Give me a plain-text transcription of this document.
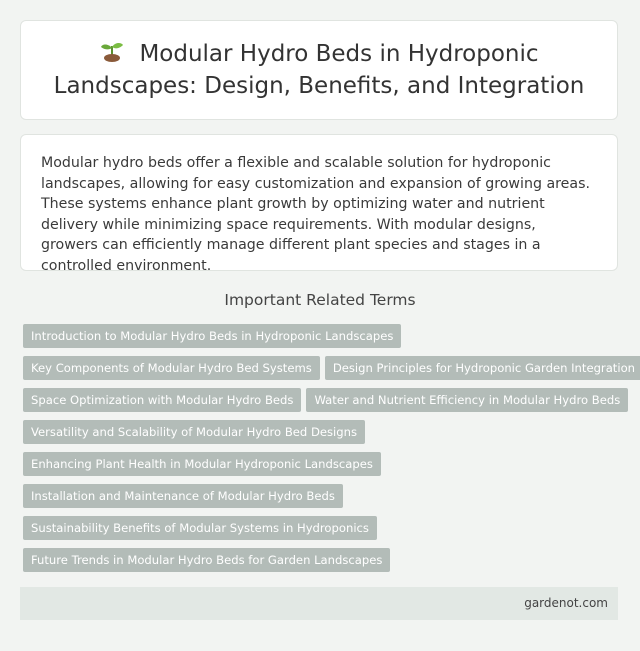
Modular Hydro Beds in Hydroponic Landscapes: Design, Benefits, and Integration

Modular hydro beds offer a flexible and scalable solution for hydroponic landscapes, allowing for easy customization and expansion of growing areas. These systems enhance plant growth by optimizing water and nutrient delivery while minimizing space requirements. With modular designs, growers can efficiently manage different plant species and stages in a controlled environment.

Important Related Terms
Introduction to Modular Hydro Beds in Hydroponic Landscapes
Key Components of Modular Hydro Bed Systems Design Principles for Hydroponic Garden Integration
Space Optimization with Modular Hydro Beds Water and Nutrient Efficiency in Modular Hydro Beds
Versatility and Scalability of Modular Hydro Bed Designs
Enhancing Plant Health in Modular Hydroponic Landscapes
Installation and Maintenance of Modular Hydro Beds
Sustainability Benefits of Modular Systems in Hydroponics
Future Trends in Modular Hydro Beds for Garden Landscapes
gardenot.com
